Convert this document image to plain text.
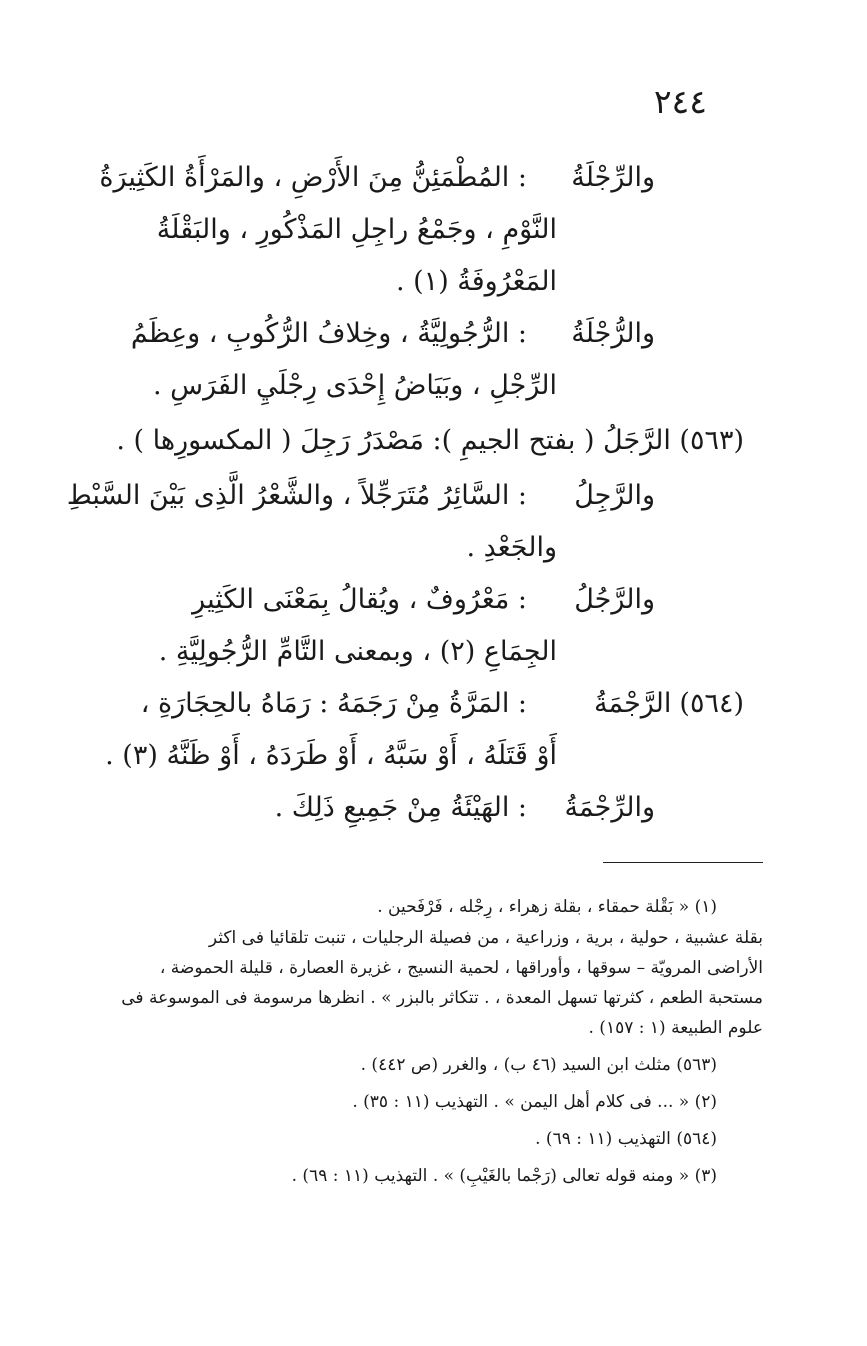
٢٤٤
والرِّجْلَةُ
: المُطْمَئِنُّ مِنَ الأَرْضِ ، والمَرْأَةُ الكَثِيرَةُ
النَّوْمِ ، وجَمْعُ راجِلِ المَذْكُورِ ، والبَقْلَةُ
المَعْرُوفَةُ (١) .
والرُّجْلَةُ
: الرُّجُولِيَّةُ ، وخِلافُ الرُّكُوبِ ، وعِظَمُ
الرِّجْلِ ، وبَيَاضُ إِحْدَى رِجْلَيِ الفَرَسِ .
(٥٦٣) الرَّجَلُ ( بفتح الجيمِ ): مَصْدَرُ رَجِلَ ( المكسورِها ) .
والرَّجِلُ
: السَّائِرُ مُتَرَجِّلاً ، والشَّعْرُ الَّذِى بَيْنَ السَّبْطِ
والجَعْدِ .
والرَّجُلُ
: مَعْرُوفٌ ، ويُقالُ بِمَعْنَى الكَثِيرِ
الجِمَاعِ (٢) ، وبمعنى التَّامِّ الرُّجُولِيَّةِ .
(٥٦٤)الرَّجْمَةُ
: المَرَّةُ مِنْ رَجَمَهُ : رَمَاهُ بالحِجَارَةِ ،
أَوْ قَتَلَهُ ، أَوْ سَبَّهُ ، أَوْ طَرَدَهُ ، أَوْ ظَنَّهُ (٣) .
والرِّجْمَةُ
: الهَيْئَةُ مِنْ جَمِيعِ ذَلِكَ .
(١) « بَقْلة حمقاء ، بقلة زهراء ، رِجْله ، فَرْفَحين .
بقلة عشبية ، حولية ، برية ، وزراعية ، من فصيلة الرجليات ، تنبت تلقائيا فى اكثر
الأراضى المرويّة – سوقها ، وأوراقها ، لحمية النسيج ، غزيرة العصارة ، قليلة الحموضة ،
مستحبة الطعم ، كثرتها تسهل المعدة ، . تتكاثر بالبزر » . انظرها مرسومة فى الموسوعة فى
علوم الطبيعة (١ : ١٥٧) .
(٥٦٣) مثلث ابن السيد (٤٦ ب) ، والغرر (ص ٤٤٢) .
(٢) « ... فى كلام أهل اليمن » . التهذيب (١١ : ٣٥) .
(٥٦٤) التهذيب (١١ : ٦٩) .
(٣) « ومنه قوله تعالى (رَجْما بالغَيْبِ) » . التهذيب (١١ : ٦٩) .
